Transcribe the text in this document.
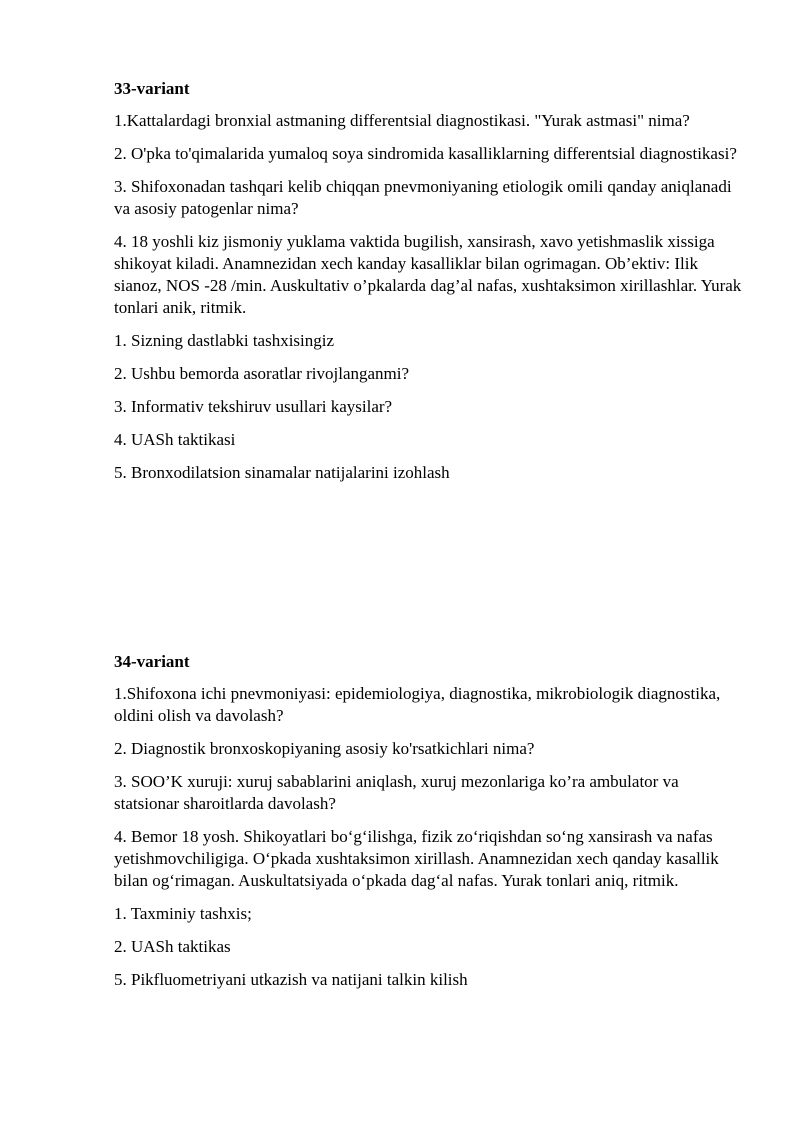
33-variant
1.Kattalardagi bronxial astmaning differentsial diagnostikasi. "Yurak astmasi" nima?
2. O'pka to'qimalarida yumaloq soya sindromida kasalliklarning differentsial diagnostikasi?
3. Shifoxonadan tashqari kelib chiqqan pnevmoniyaning etiologik omili qanday aniqlanadi va asosiy patogenlar nima?
4. 18 yoshli kiz jismoniy yuklama vaktida bugilish, xansirash, xavo yetishmaslik xissiga shikoyat kiladi. Anamnezidan xech kanday kasalliklar bilan ogrimagan. Ob’ektiv: Ilik sianoz, NOS -28 /min. Auskultativ o’pkalarda dag’al nafas, xushtaksimon xirillashlar. Yurak tonlari anik, ritmik.
1. Sizning dastlabki tashxisingiz
2. Ushbu bemorda asoratlar rivojlanganmi?
3. Informativ tekshiruv usullari kaysilar?
4. UASh taktikasi
5. Bronxodilatsion sinamalar natijalarini izohlash
34-variant
1.Shifoxona ichi pnevmoniyasi: epidemiologiya, diagnostika, mikrobiologik diagnostika, oldini olish va davolash?
2. Diagnostik bronxoskopiyaning asosiy ko'rsatkichlari nima?
3. SOO’K xuruji: xuruj sabablarini aniqlash, xuruj mezonlariga ko’ra ambulator va statsionar sharoitlarda davolash?
4. Bemor 18 yosh. Shikoyatlari bo‘g‘ilishga, fizik zo‘riqishdan so‘ng xansirash va nafas yetishmovchiligiga. O‘pkada xushtaksimon xirillash. Anamnezidan xech qanday kasallik bilan og‘rimagan. Auskultatsiyada o‘pkada dag‘al nafas. Yurak tonlari aniq, ritmik.
1. Taxminiy tashxis;
2. UASh taktikas
5. Pikfluometriyani utkazish va natijani talkin kilish
